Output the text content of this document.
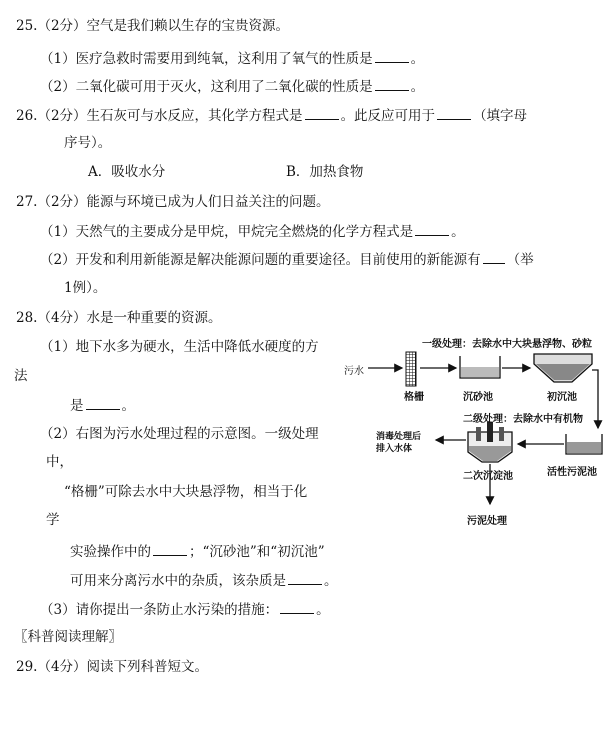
25.（2分）空气是我们赖以生存的宝贵资源。
（1）医疗急救时需要用到纯氧，这利用了氧气的性质是	。
（2）二氧化碳可用于灭火，这利用了二氧化碳的性质是	。
26.（2分）生石灰可与水反应，其化学方程式是	。此反应可用于	（填字母
序号）。
A．吸收水分	B．加热食物
27.（2分）能源与环境已成为人们日益关注的问题。
（1）天然气的主要成分是甲烷，甲烷完全燃烧的化学方程式是	。
（2）开发和利用新能源是解决能源问题的重要途径。目前使用的新能源有 （举
1例）。
28.（4分）水是一种重要的资源。
（1）地下水多为硬水，生活中降低水硬度的方
法
是	。
（2）右图为污水处理过程的示意图。一级处理
中，
“格栅”可除去水中大块悬浮物，相当于化
学
实验操作中的	；“沉砂池”和“初沉池”
可用来分离污水中的杂质，该杂质是	。
（3）请你提出一条防止水污染的措施：	。
〖科普阅读理解〗
29.（4分）阅读下列科普短文。
一级处理：去除水中大块悬浮物、砂粒
污水
格栅	沉砂池	初沉池
二级处理：去除水中有机物
消毒处理后
排入水体
二次沉淀池	活性污泥池
污泥处理
